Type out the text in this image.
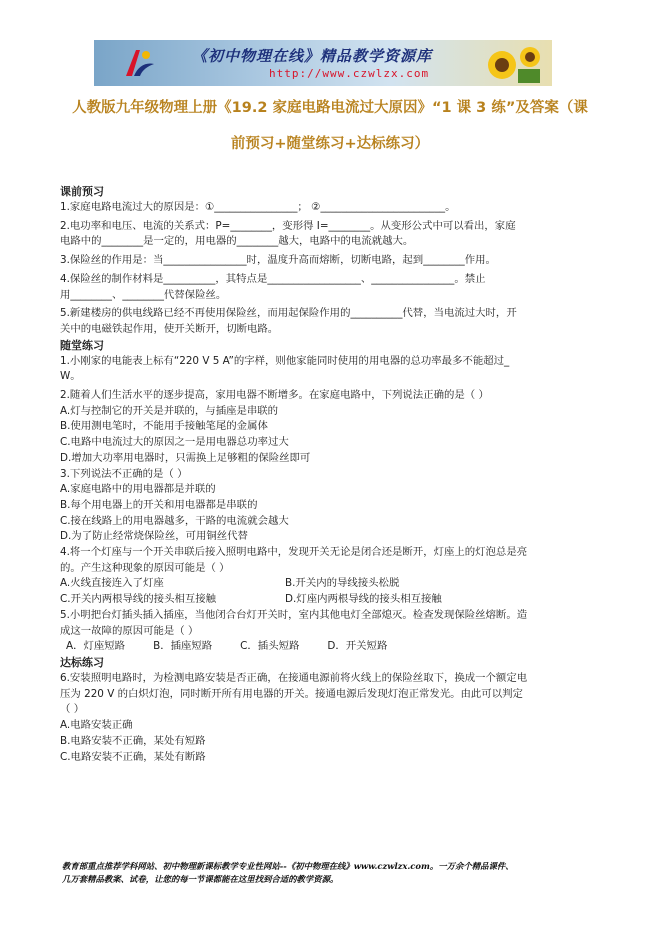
《初中物理在线》精品教学资源库
http://www.czwlzx.com
人教版九年级物理上册《19.2 家庭电路电流过大原因》“1 课 3 练”及答案（课
前预习+随堂练习+达标练习）
课前预习

1.家庭电路电流过大的原因是：①________________； ②________________________。

2.电功率和电压、电流的关系式：P=________，变形得 I=________。从变形公式中可以看出，家庭

电路中的________是一定的，用电器的________越大，电路中的电流就越大。

3.保险丝的作用是：当________________时，温度升高而熔断，切断电路，起到________作用。

4.保险丝的制作材料是__________，其特点是__________________、________________。禁止

用________、________代替保险丝。

5.新建楼房的供电线路已经不再使用保险丝，而用起保险作用的__________代替，当电流过大时，开

关中的电磁铁起作用，使开关断开，切断电路。

随堂练习

1.小刚家的电能表上标有“220 V 5 A”的字样，则他家能同时使用的用电器的总功率最多不能超过_

W。

2.随着人们生活水平的逐步提高，家用电器不断增多。在家庭电路中，下列说法正确的是（ ）

A.灯与控制它的开关是并联的，与插座是串联的

B.使用测电笔时，不能用手接触笔尾的金属体

C.电路中电流过大的原因之一是用电器总功率过大

D.增加大功率用电器时，只需换上足够粗的保险丝即可

3.下列说法不正确的是（ ）

A.家庭电路中的用电器都是并联的

B.每个用电器上的开关和用电器都是串联的

C.接在线路上的用电器越多，干路的电流就会越大

D.为了防止经常烧保险丝，可用铜丝代替

4.将一个灯座与一个开关串联后接入照明电路中，发现开关无论是闭合还是断开，灯座上的灯泡总是亮

的。产生这种现象的原因可能是（ ）

A.火线直接连入了灯座	B.开关内的导线接头松脱
C.开关内两根导线的接头相互接触	D.灯座内两根导线的接头相互接触

5.小明把台灯插头插入插座，当他闭合台灯开关时，室内其他电灯全部熄灭。检查发现保险丝熔断。造

成这一故障的原因可能是（ ）

A．灯座短路	B．插座短路	C．插头短路	D．开关短路
达标练习

6.安装照明电路时，为检测电路安装是否正确，在接通电源前将火线上的保险丝取下，换成一个额定电

压为 220 V 的白炽灯泡，同时断开所有用电器的开关。接通电源后发现灯泡正常发光。由此可以判定

（ ）

A.电路安装正确

B.电路安装不正确，某处有短路

C.电路安装不正确，某处有断路

教育部重点推荐学科网站、初中物理新课标教学专业性网站--《初中物理在线》www.czwlzx.com。一万余个精品课件、
几万套精品教案、试卷，让您的每一节课都能在这里找到合适的教学资源。
